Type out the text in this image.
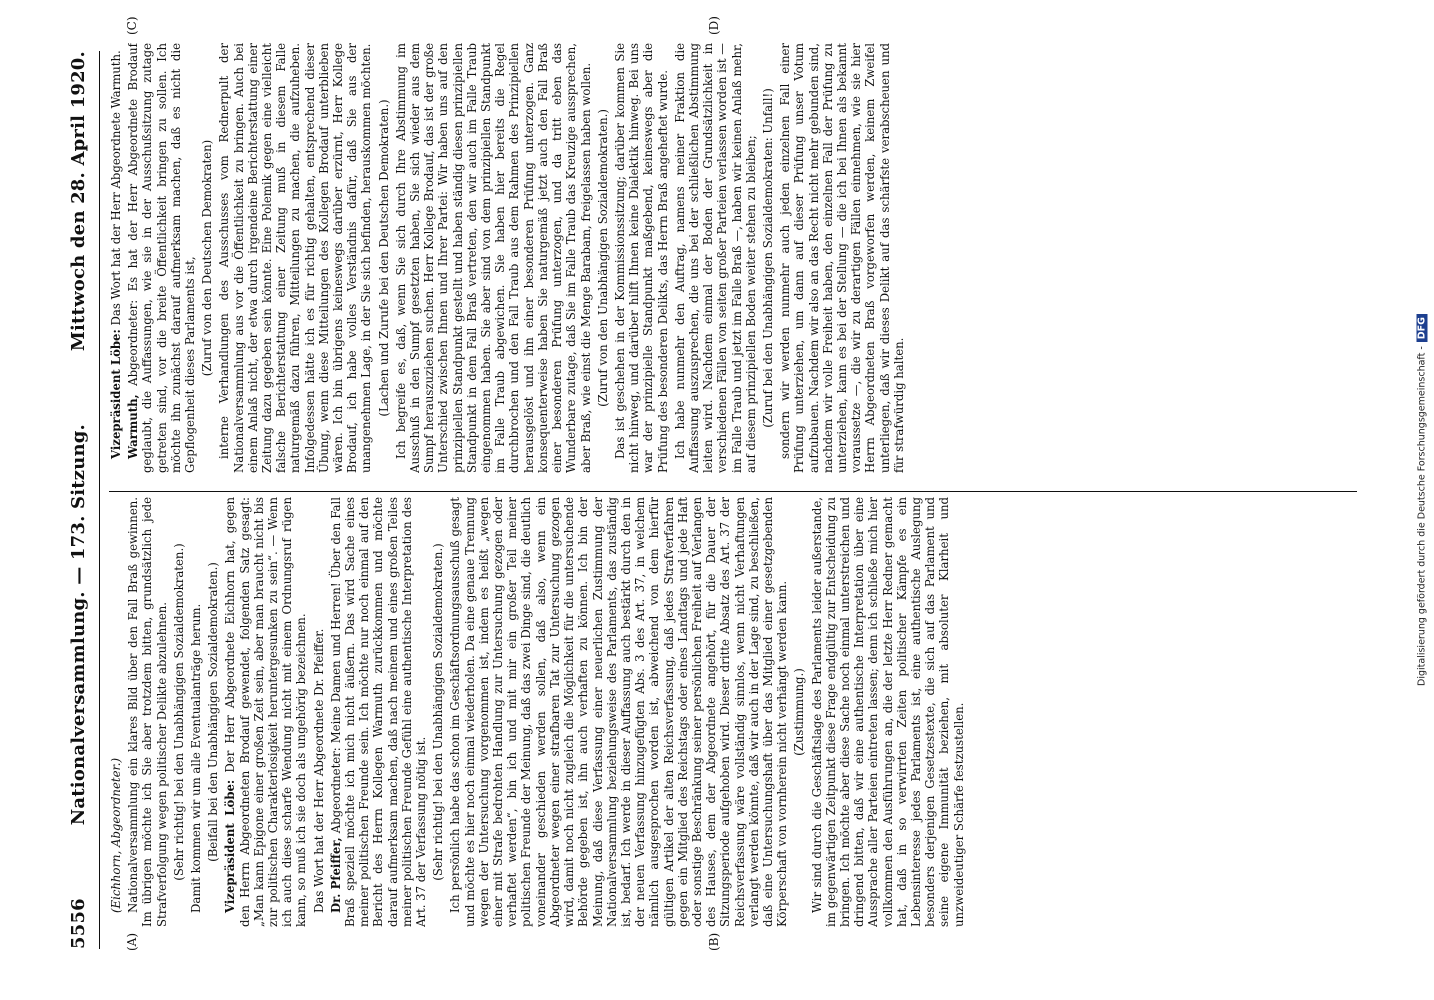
5556
Nationalversammlung. — 173. Sitzung.
Mittwoch den 28. April 1920.
(A)	(B)
(C)	(D)

(Eichhorn, Abgeordneter.) Nationalversammlung ein klares Bild über den Fall Braß gewinnen. Im übrigen möchte ich Sie aber trotzdem bitten, grundsätzlich jede Strafverfolgung wegen politischer Delikte abzulehnen. (Sehr richtig! bei den Unabhängigen Sozialdemokraten.) Damit kommen wir um alle Eventualanträge herum. (Beifall bei den Unabhängigen Sozialdemokraten.) Vizepräsident Löbe: Der Herr Abgeordnete Eichhorn hat, gegen den Herrn Abgeordneten Brodauf gewendet, folgenden Satz gesagt: „Man kann Epigone einer großen Zeit sein, aber man braucht nicht bis zur politischen Charakterlosigkeit heruntergesunken zu sein“. — Wenn ich auch diese scharfe Wendung nicht mit einem Ordnungsruf rügen kann, so muß ich sie doch als ungehörig bezeichnen. Das Wort hat der Herr Abgeordnete Dr. Pfeiffer. Dr. Pfeiffer, Abgeordneter: Meine Damen und Herren! Über den Fall Braß speziell möchte ich mich nicht äußern. Das wird Sache eines meiner politischen Freunde sein. Ich möchte nur noch einmal auf den Bericht des Herrn Kollegen Warmuth zurückkommen und möchte darauf aufmerksam machen, daß nach meinem und eines großen Teiles meiner politischen Freunde Gefühl eine authentische Interpretation des Art. 37 der Verfassung nötig ist. (Sehr richtig! bei den Unabhängigen Sozialdemokraten.) Ich persönlich habe das schon im Geschäftsordnungsausschuß gesagt und möchte es hier noch einmal wiederholen. Da eine genaue Trennung wegen der Untersuchung vorgenommen ist, indem es heißt „wegen einer mit Strafe bedrohten Handlung zur Untersuchung gezogen oder verhaftet werden“, bin ich und mit mir ein großer Teil meiner politischen Freunde der Meinung, daß das zwei Dinge sind, die deutlich voneinander geschieden werden sollen, daß also, wenn ein Abgeordneter wegen einer strafbaren Tat zur Untersuchung gezogen wird, damit noch nicht zugleich die Möglichkeit für die untersuchende Behörde gegeben ist, ihn auch verhaften zu können. Ich bin der Meinung, daß diese Verfassung einer neuerlichen Zustimmung der Nationalversammlung beziehungsweise des Parlaments, das zuständig ist, bedarf. Ich werde in dieser Auffassung auch bestärkt durch den in der neuen Verfassung hinzugefügten Abs. 3 des Art. 37, in welchem nämlich ausgesprochen worden ist, abweichend von dem hierfür gültigen Artikel der alten Reichsverfassung, daß jedes Strafverfahren gegen ein Mitglied des Reichstags oder eines Landtags und jede Haft oder sonstige Beschränkung seiner persönlichen Freiheit auf Verlangen des Hauses, dem der Abgeordnete angehört, für die Dauer der Sitzungsperiode aufgehoben wird. Dieser dritte Absatz des Art. 37 der Reichsverfassung wäre vollständig sinnlos, wenn nicht Verhaftungen verlangt werden könnte, daß wir auch in der Lage sind, zu beschließen, daß eine Untersuchungshaft über das Mitglied einer gesetzgebenden Körperschaft von vornherein nicht verhängt werden kann. (Zustimmung.) Wir sind durch die Geschäftslage des Parlaments leider außerstande, im gegenwärtigen Zeitpunkt diese Frage endgültig zur Entscheidung zu bringen. Ich möchte aber diese Sache noch einmal unterstreichen und dringend bitten, daß wir eine authentische Interpretation über eine Aussprache aller Parteien eintreten lassen; denn ich schließe mich hier vollkommen den Ausführungen an, die der letzte Herr Redner gemacht hat, daß in so verwirrten Zeiten politischer Kämpfe es ein Lebensinteresse jedes Parlaments ist, eine authentische Auslegung besonders derjenigen Gesetzestexte, die sich auf das Parlament und seine eigene Immunität beziehen, mit absoluter Klarheit und unzweideutiger Schärfe festzustellen.

Vizepräsident Löbe: Das Wort hat der Herr Abgeordnete Warmuth.

Warmuth, Abgeordneter: Es hat der Herr Abgeordnete Brodauf geglaubt, die Auffassungen, wie sie in der Ausschußsitzung zutage getreten sind, vor die breite Öffentlichkeit bringen zu sollen. Ich möchte ihn zunächst darauf aufmerksam machen, daß es nicht die Gepflogenheit dieses Parlaments ist, (Zuruf von den Deutschen Demokraten) interne Verhandlungen des Ausschusses vom Rednerpult der Nationalversammlung aus vor die Öffentlichkeit zu bringen. Auch bei einem Anlaß nicht, der etwa durch irgendeine Berichterstattung einer Zeitung dazu gegeben sein könnte. Eine Polemik gegen eine vielleicht falsche Berichterstattung einer Zeitung muß in diesem Falle naturgemäß dazu führen, Mitteilungen zu machen, die aufzuheben. Infolgedessen hätte ich es für richtig gehalten, entsprechend dieser Übung, wenn diese Mitteilungen des Kollegen Brodauf unterblieben wären. Ich bin übrigens keineswegs darüber erzürnt, Herr Kollege Brodauf, ich habe volles Verständnis dafür, daß Sie aus der unangenehmen Lage, in der Sie sich befinden, herauskommen möchten. (Lachen und Zurufe bei den Deutschen Demokraten.) Ich begreife es, daß, wenn Sie sich durch Ihre Abstimmung im Ausschuß in den Sumpf gesetzten haben, Sie sich wieder aus dem Sumpf herauszuziehen suchen. Herr Kollege Brodauf, das ist der große Unterschied zwischen Ihnen und Ihrer Partei: Wir haben uns auf den prinzipiellen Standpunkt gestellt und haben ständig diesen prinzipiellen Standpunkt in dem Fall Braß vertreten, den wir auch im Falle Traub eingenommen haben. Sie aber sind von dem prinzipiellen Standpunkt im Falle Traub abgewichen. Sie haben hier bereits die Regel durchbrochen und den Fall Traub aus dem Rahmen des Prinzipiellen herausgelöst und ihn einer besonderen Prüfung unterzogen. Ganz konsequenterweise haben Sie naturgemäß jetzt auch den Fall Braß einer besonderen Prüfung unterzogen, und da tritt eben das Wunderbare zutage, daß Sie im Falle Traub das Kreuzige aussprechen, aber Braß, wie einst die Menge Barabam, freigelassen haben wollen. (Zuruf von den Unabhängigen Sozialdemokraten.) Das ist geschehen in der Kommissionssitzung; darüber kommen Sie nicht hinweg, und darüber hilft Ihnen keine Dialektik hinweg. Bei uns war der prinzipielle Standpunkt maßgebend, keineswegs aber die Prüfung des besonderen Delikts, das Herrn Braß angeheftet wurde. Ich habe nunmehr den Auftrag, namens meiner Fraktion die Auffassung auszusprechen, die uns bei der schließlichen Abstimmung leiten wird. Nachdem einmal der Boden der Grundsätzlichkeit in verschiedenen Fällen von seiten großer Parteien verlassen worden ist — im Falle Traub und jetzt im Falle Braß —, haben wir keinen Anlaß mehr, auf diesem prinzipiellen Boden weiter stehen zu bleiben; (Zuruf bei den Unabhängigen Sozialdemokraten: Unfall!) sondern wir werden nunmehr auch jeden einzelnen Fall einer Prüfung unterziehen, um dann auf dieser Prüfung unser Votum aufzubauen. Nachdem wir also an das Recht nicht mehr gebunden sind, nachdem wir volle Freiheit haben, den einzelnen Fall der Prüfung zu unterziehen, kann es bei der Stellung — die ich bei Ihnen als bekannt voraussetze —, die wir zu derartigen Fällen einnehmen, wie sie hier Herrn Abgeordneten Braß vorgeworfen werden, keinem Zweifel unterliegen, daß wir dieses Delikt auf das schärfste verabscheuen und für strafwürdig halten.	Digitalisierung gefördert durch die Deutsche Forschungsgemeinschaft -DFG
